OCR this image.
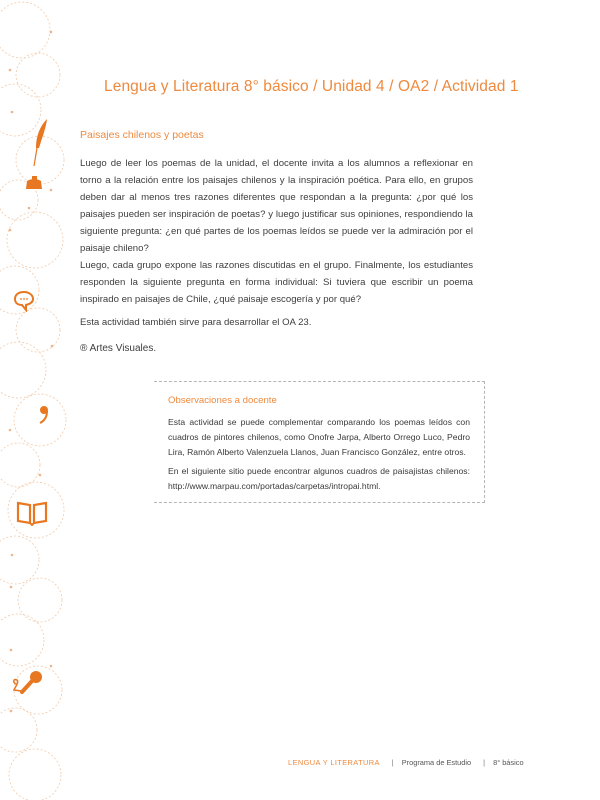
Lengua y Literatura 8° básico / Unidad 4 / OA2 / Actividad 1
Paisajes chilenos y poetas

Luego de leer los poemas de la unidad, el docente invita a los alumnos a reflexionar en torno a la relación entre los paisajes chilenos y la inspiración poética. Para ello, en grupos deben dar al menos tres razones diferentes que respondan a la pregunta: ¿por qué los paisajes pueden ser inspiración de poetas? y luego justificar sus opiniones, respondiendo la siguiente pregunta: ¿en qué partes de los poemas leídos se puede ver la admiración por el paisaje chileno?

Luego, cada grupo expone las razones discutidas en el grupo. Finalmente, los estudiantes responden la siguiente pregunta en forma individual: Si tuviera que escribir un poema inspirado en paisajes de Chile, ¿qué paisaje escogería y por qué?

Esta actividad también sirve para desarrollar el OA 23.

® Artes Visuales.

Observaciones a docente

Esta actividad se puede complementar comparando los poemas leídos con cuadros de pintores chilenos, como Onofre Jarpa, Alberto Orrego Luco, Pedro Lira, Ramón Alberto Valenzuela Llanos, Juan Francisco González, entre otros.

En el siguiente sitio puede encontrar algunos cuadros de paisajistas chilenos: http://www.marpau.com/portadas/carpetas/intropai.html.

LENGUA Y LITERATURA | Programa de Estudio | 8° básico
